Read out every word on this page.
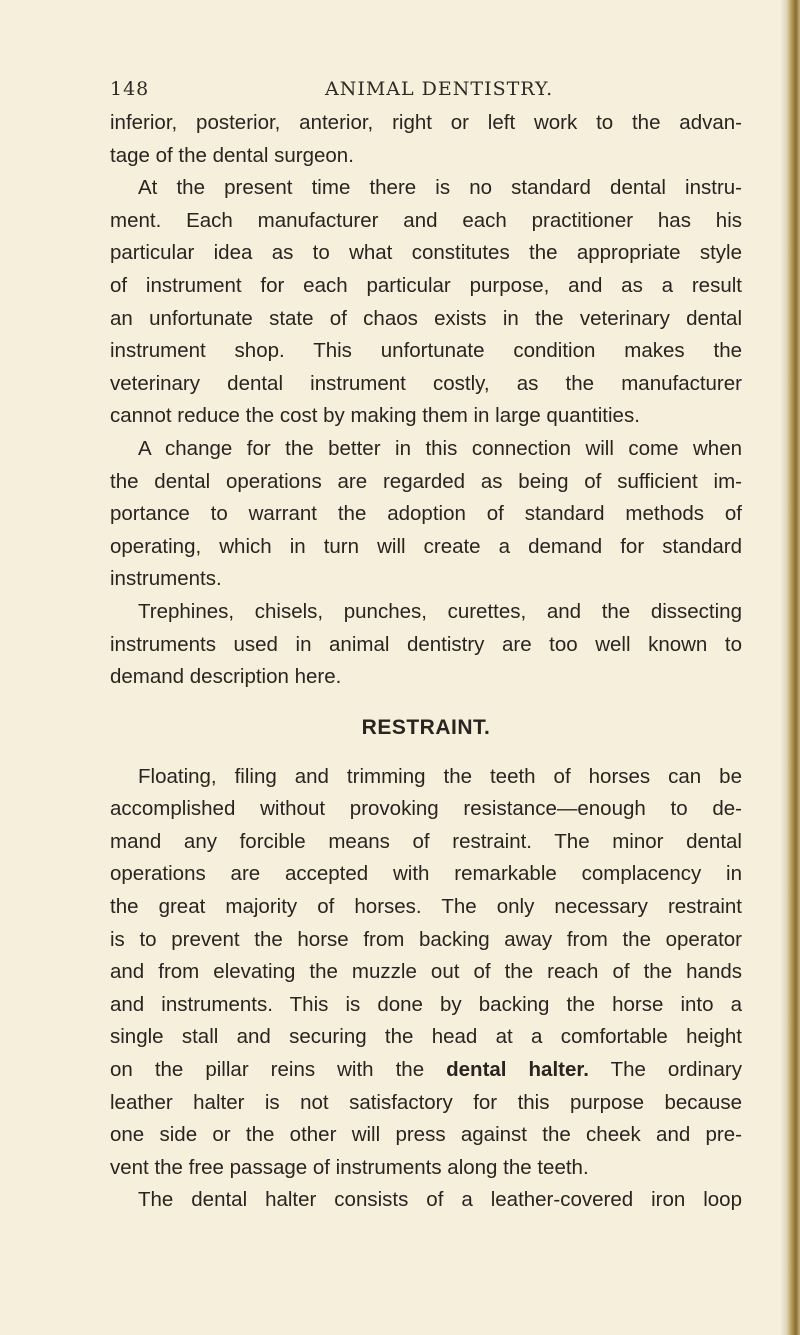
148	ANIMAL DENTISTRY.

inferior, posterior, anterior, right or left work to the advan-
tage of the dental surgeon.

At the present time there is no standard dental instru-
ment. Each manufacturer and each practitioner has his
particular idea as to what constitutes the appropriate style
of instrument for each particular purpose, and as a result
an unfortunate state of chaos exists in the veterinary dental
instrument shop. This unfortunate condition makes the
veterinary dental instrument costly, as the manufacturer
cannot reduce the cost by making them in large quantities.

A change for the better in this connection will come when
the dental operations are regarded as being of sufficient im-
portance to warrant the adoption of standard methods of
operating, which in turn will create a demand for standard
instruments.

Trephines, chisels, punches, curettes, and the dissecting
instruments used in animal dentistry are too well known to
demand description here.

RESTRAINT.

Floating, filing and trimming the teeth of horses can be
accomplished without provoking resistance—enough to de-
mand any forcible means of restraint. The minor dental
operations are accepted with remarkable complacency in
the great majority of horses. The only necessary restraint
is to prevent the horse from backing away from the operator
and from elevating the muzzle out of the reach of the hands
and instruments. This is done by backing the horse into a
single stall and securing the head at a comfortable height
on the pillar reins with the dental halter. The ordinary
leather halter is not satisfactory for this purpose because
one side or the other will press against the cheek and pre-
vent the free passage of instruments along the teeth.

The dental halter consists of a leather-covered iron loop
